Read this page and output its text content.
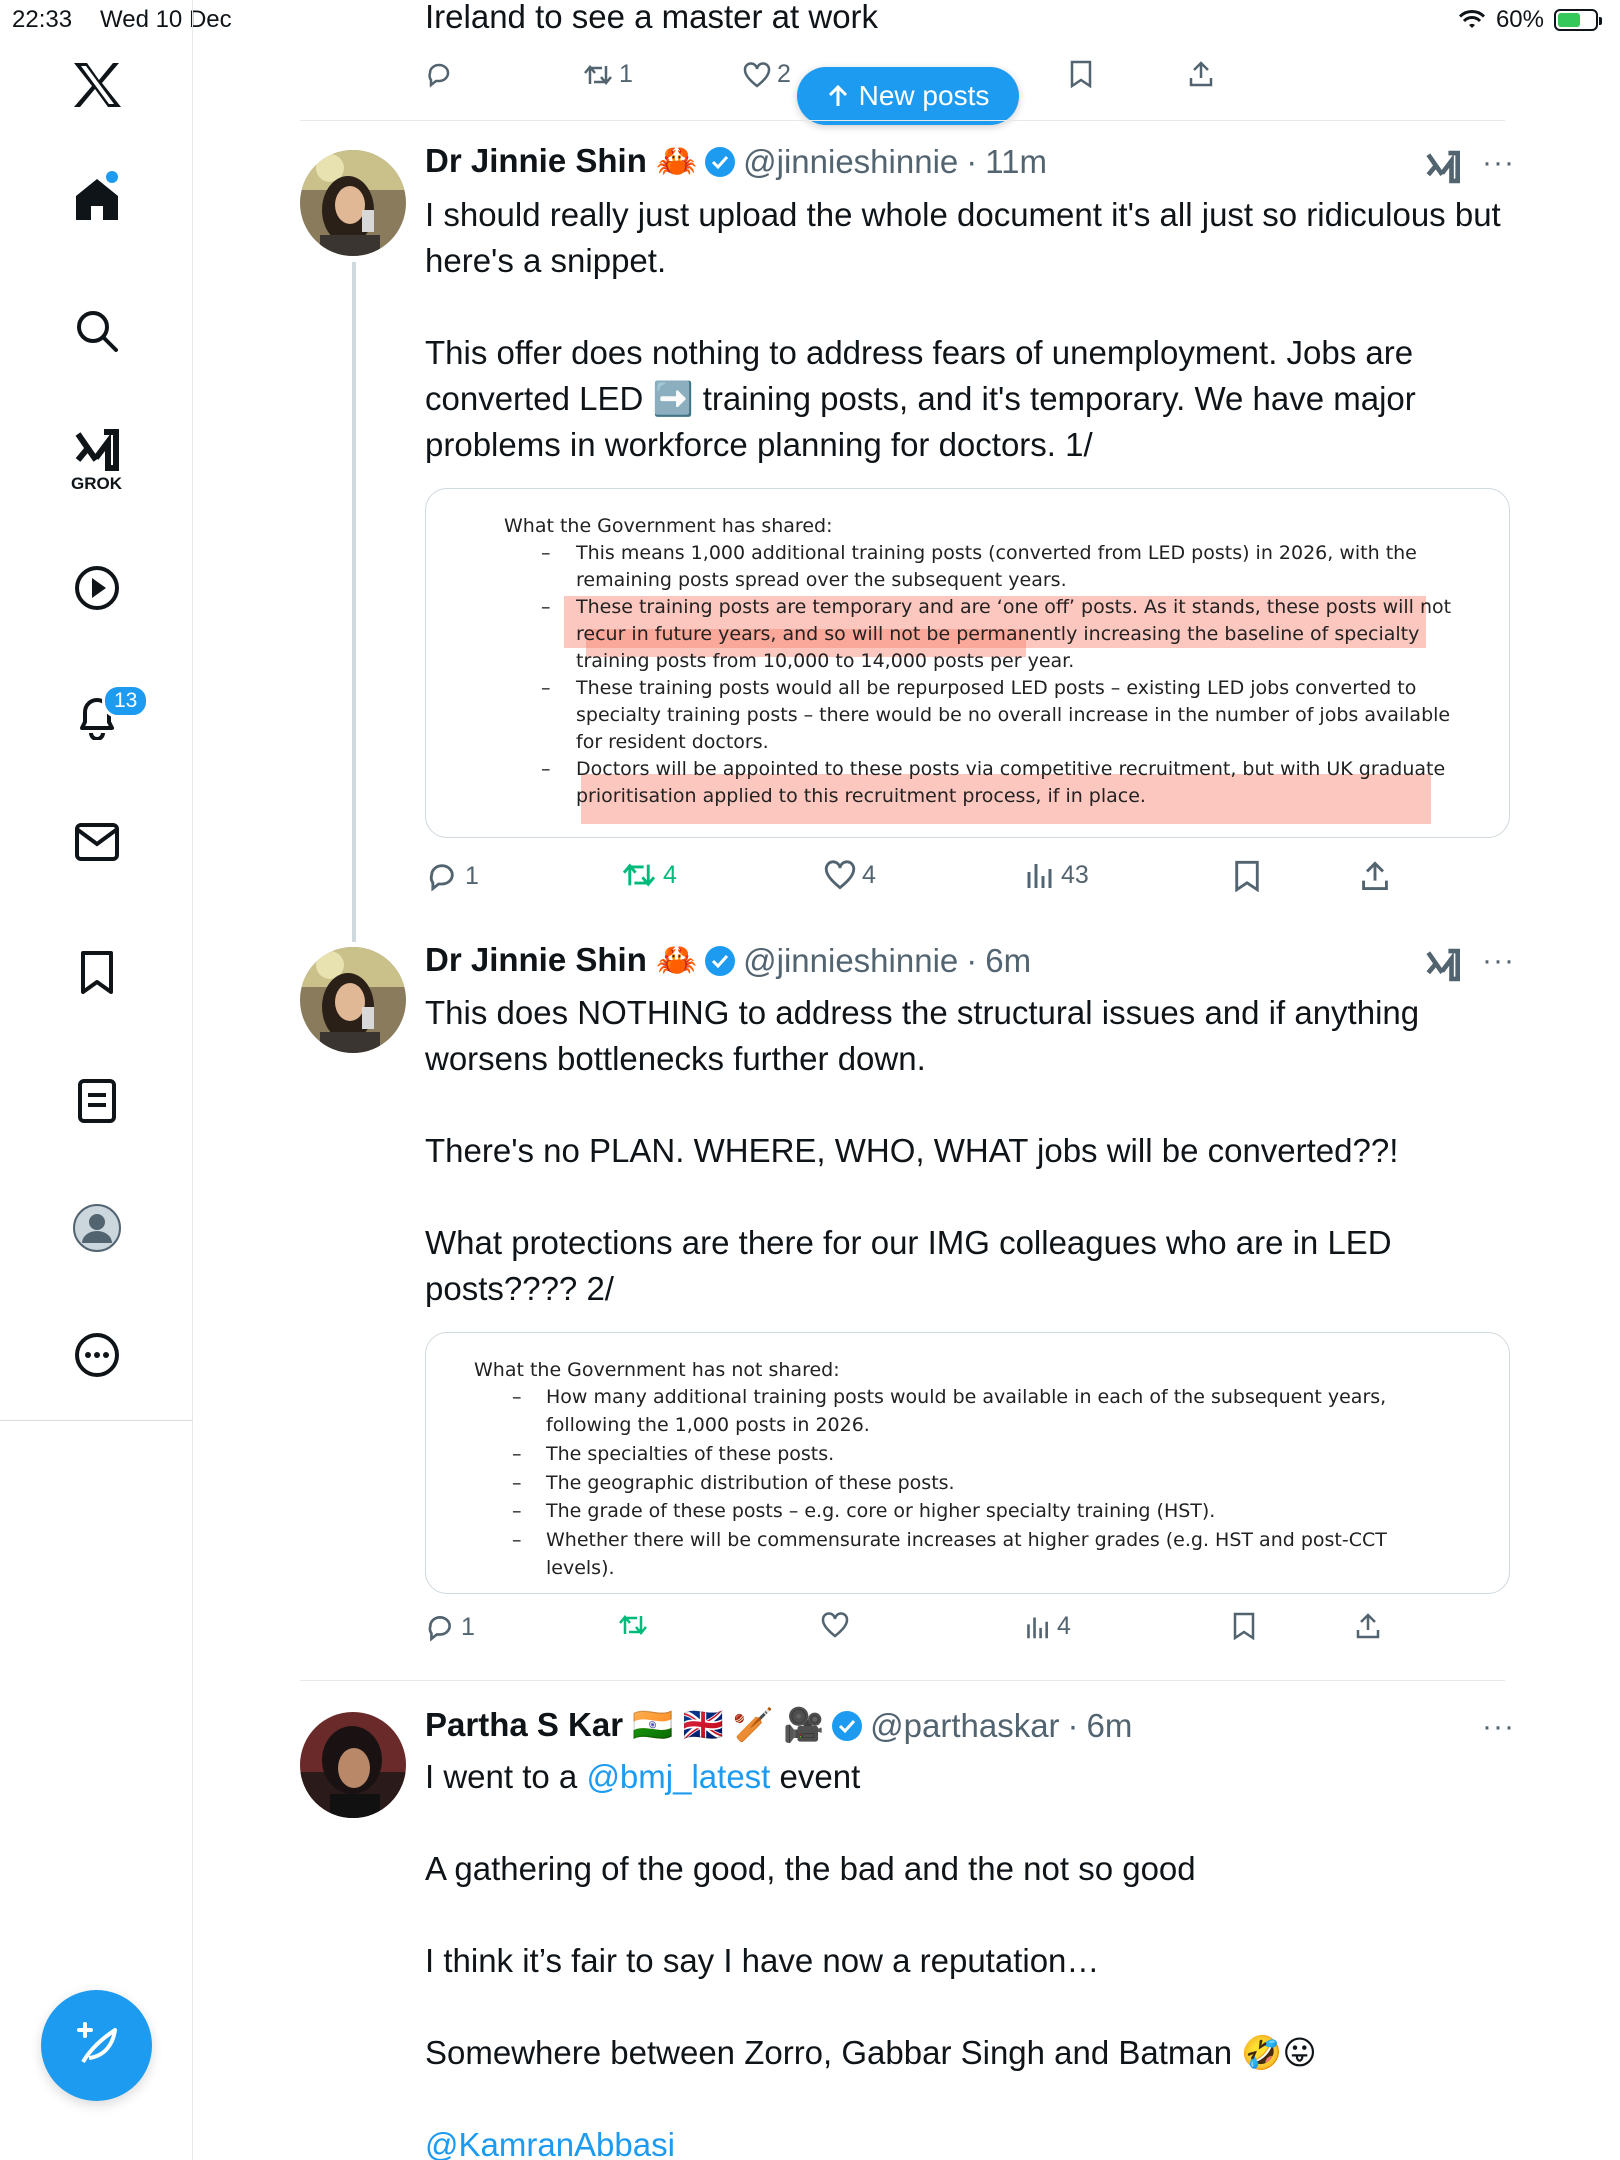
22:33 Wed 10 Dec	60%
GROK
13
Ireland to see a master at work
1	2
New posts
Dr Jinnie Shin 🦀 @jinnieshinnie · 11m	···

I should really just upload the whole document it's all just so ridiculous but here's a snippet.

This offer does nothing to address fears of unemployment. Jobs are converted LED ➡️ training posts, and it's temporary. We have major problems in workforce planning for doctors. 1/

What the Government has shared:
– This means 1,000 additional training posts (converted from LED posts) in 2026, with the
remaining posts spread over the subsequent years.
– These training posts are temporary and are ‘one off’ posts. As it stands, these posts will not
recur in future years, and so will not be permanently increasing the baseline of specialty
training posts from 10,000 to 14,000 posts per year.
– These training posts would all be repurposed LED posts – existing LED jobs converted to
specialty training posts – there would be no overall increase in the number of jobs available
for resident doctors.
– Doctors will be appointed to these posts via competitive recruitment, but with UK graduate
prioritisation applied to this recruitment process, if in place.
1	4	4	43
Dr Jinnie Shin 🦀 @jinnieshinnie · 6m	···

This does NOTHING to address the structural issues and if anything worsens bottlenecks further down.

There's no PLAN. WHERE, WHO, WHAT jobs will be converted??!

What protections are there for our IMG colleagues who are in LED posts???? 2/

What the Government has not shared:
– How many additional training posts would be available in each of the subsequent years,
following the 1,000 posts in 2026.
– The specialties of these posts.
– The geographic distribution of these posts.
– The grade of these posts – e.g. core or higher specialty training (HST).
– Whether there will be commensurate increases at higher grades (e.g. HST and post-CCT
levels).
1	4
Partha S Kar 🇮🇳 🇬🇧 🏏 🎥 @parthaskar · 6m	···

I went to a @bmj_latest event

A gathering of the good, the bad and the not so good

I think it’s fair to say I have now a reputation…

Somewhere between Zorro, Gabbar Singh and Batman 🤣😛

@KamranAbbasi
